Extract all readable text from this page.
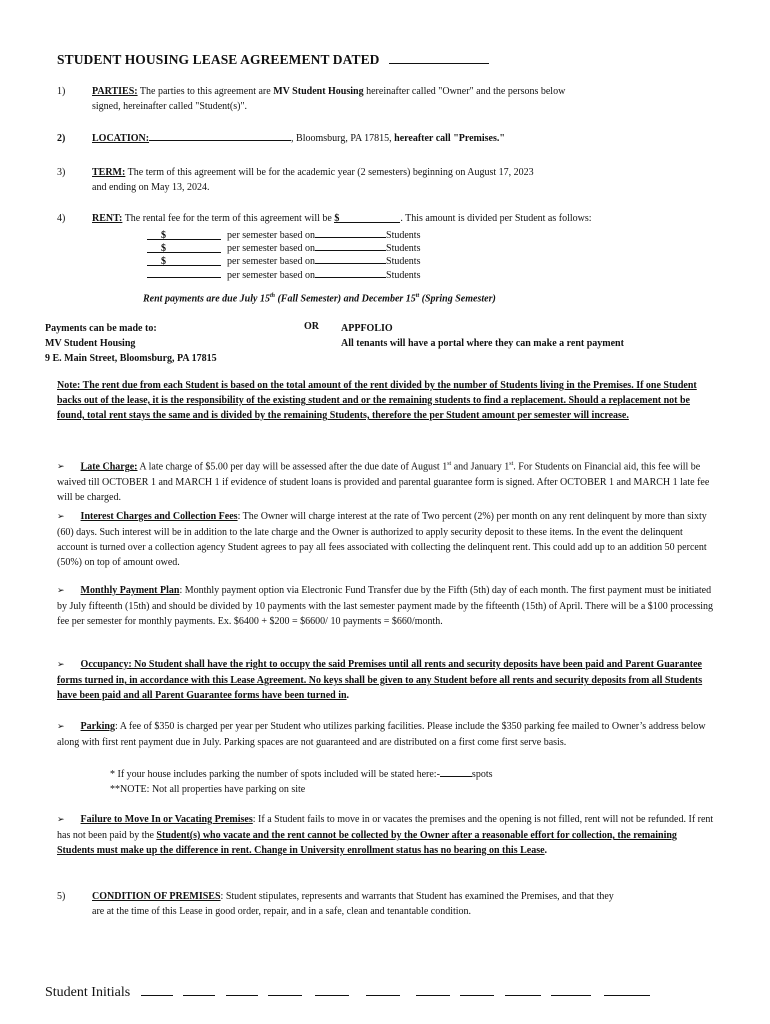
STUDENT HOUSING LEASE AGREEMENT DATED
1)	PARTIES: The parties to this agreement are MV Student Housing hereinafter called "Owner" and the persons below
signed, hereinafter called "Student(s)".
2)	LOCATION:	, Bloomsburg, PA 17815, hereafter call "Premises."
3)	TERM: The term of this agreement will be for the academic year (2 semesters) beginning on August 17, 2023
and ending on May 13, 2024.
4)	RENT: The rental fee for the term of this agreement will be $	. This amount is divided per Student as follows:
$	per semester based on	Students
$	per semester based on	Students
$	per semester based on	Students
per semester based on	Students
Rent payments are due July 15th (Fall Semester) and December $15^{tt}$ (Spring Semester)
Payments can be made to:
MV Student Housing
9 E. Main Street, Bloomsburg, PA 17815
OR APPFOLIO
All tenants will have a portal where they can make a rent payment
Note: The rent due from each Student is based on the total amount of the rent divided by the number of Students living in the Premises. If one Student backs out of the lease, it is the responsibility of the existing student and or the remaining students to find a replacement. Should a replacement not be found, total rent stays the same and is divided by the remaining Students, therefore the per Student amount per semester will increase.
➢ Late Charge: A late charge of $5.00 per day will be assessed after the due date of August 1st and January 1st. For Students on Financial aid, this fee will be waived till OCTOBER 1 and MARCH 1 if evidence of student loans is provided and parental guarantee form is signed. After OCTOBER 1 and MARCH 1 late fee will be charged.
➢ Interest Charges and Collection Fees: The Owner will charge interest at the rate of Two percent (2%) per month on any rent delinquent by more than sixty (60) days. Such interest will be in addition to the late charge and the Owner is authorized to apply security deposit to these items. In the event the delinquent account is turned over a collection agency Student agrees to pay all fees associated with collecting the delinquent rent. This could add up to an addition 50 percent (50%) on top of amount owed.
➢ Monthly Payment Plan: Monthly payment option via Electronic Fund Transfer due by the Fifth (5th) day of each month. The first payment must be initiated by July fifteenth (15th) and should be divided by 10 payments with the last semester payment made by the fifteenth (15th) of April. There will be a $100 processing fee per semester for monthly payments. Ex. $6400 + $200 = $6600/ 10 payments = $660/month.
➢ Occupancy: No Student shall have the right to occupy the said Premises until all rents and security deposits have been paid and Parent Guarantee forms turned in, in accordance with this Lease Agreement. No keys shall be given to any Student before all rents and security deposits from all Students have been paid and all Parent Guarantee forms have been turned in.
➢ Parking: A fee of $350 is charged per year per Student who utilizes parking facilities. Please include the $350 parking fee mailed to Owner’s address below along with first rent payment due in July. Parking spaces are not guaranteed and are distributed on a first come first serve basis.
* If your house includes parking the number of spots included will be stated here:-	spots
**NOTE: Not all properties have parking on site
➢ Failure to Move In or Vacating Premises: If a Student fails to move in or vacates the premises and the opening is not filled, rent will not be refunded. If rent has not been paid by the Student(s) who vacate and the rent cannot be collected by the Owner after a reasonable effort for collection, the remaining Students must make up the difference in rent. Change in University enrollment status has no bearing on this Lease.
5)	CONDITION OF PREMISES: Student stipulates, represents and warrants that Student has examined the Premises, and that they
are at the time of this Lease in good order, repair, and in a safe, clean and tenantable condition.
Student Initials
